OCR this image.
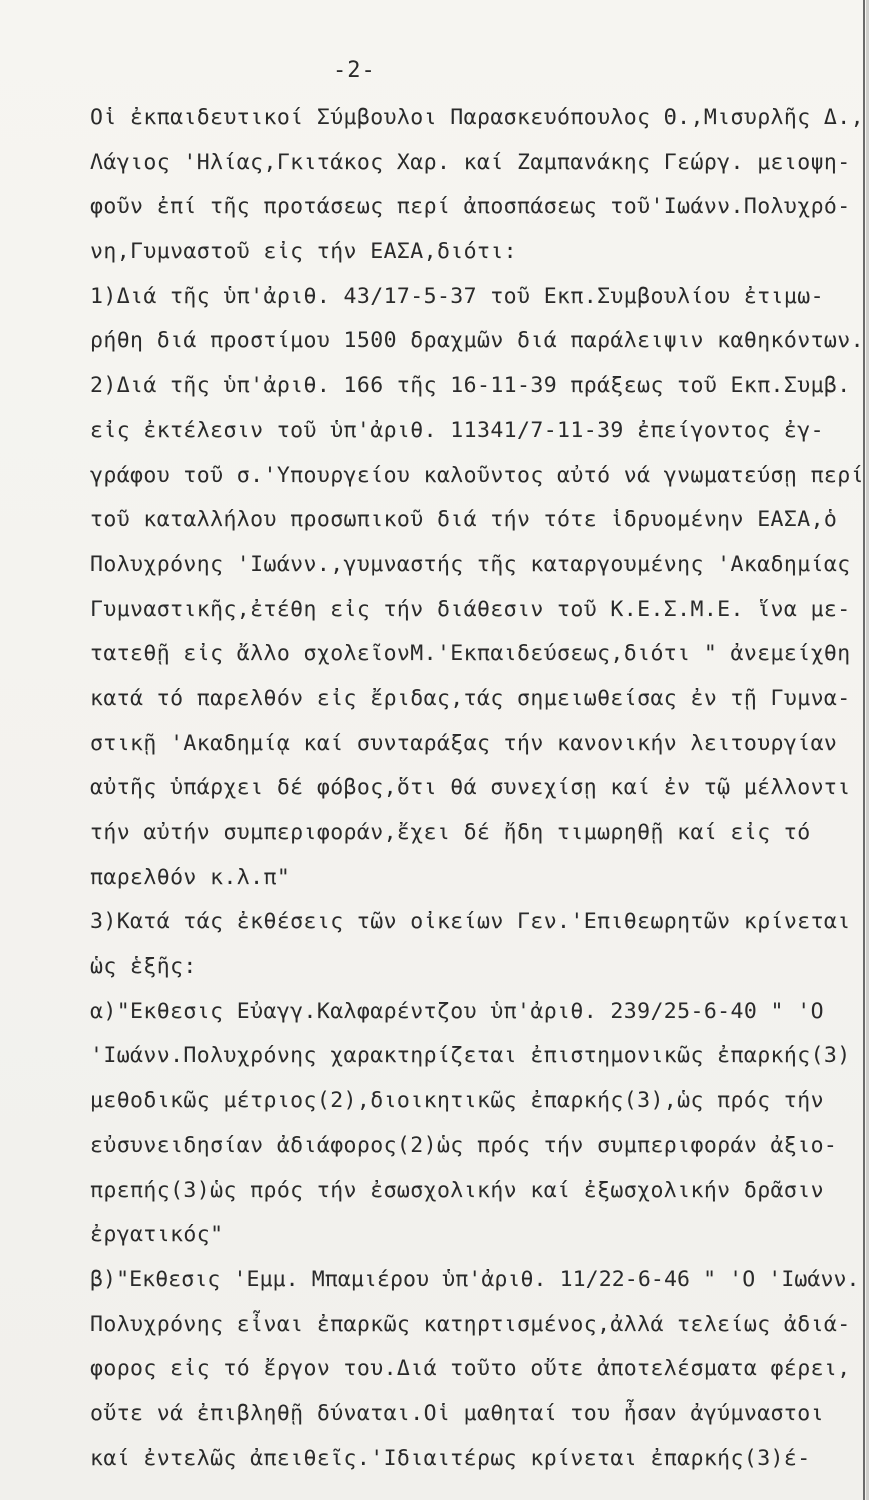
-2-
Οἱ ἐκπαιδευτικοί Σύμβουλοι Παρασκευόπουλος Θ.,Μισυρλῆς Δ.,
Λάγιος 'Ηλίας,Γκιτάκος Χαρ. καί Ζαμπανάκης Γεώργ. μειοψη-
φοῦν ἐπί τῆς προτάσεως περί ἀποσπάσεως τοῦ'Ιωάνν.Πολυχρό-
νη,Γυμναστοῦ εἰς τήν ΕΑΣΑ,διότι:
1)Διά τῆς ὑπ'ἀριθ. 43/17-5-37 τοῦ Εκπ.Συμβουλίου ἐτιμω-
ρήθη διά προστίμου 1500 δραχμῶν διά παράλειψιν καθηκόντων.
2)Διά τῆς ὑπ'ἀριθ. 166 τῆς 16-11-39 πράξεως τοῦ Εκπ.Συμβ.
εἰς ἐκτέλεσιν τοῦ ὑπ'ἀριθ. 11341/7-11-39 ἐπείγοντος ἐγ-
γράφου τοῦ σ.'Υπουργείου καλοῦντος αὐτό νά γνωματεύσῃ περί
τοῦ καταλλήλου προσωπικοῦ διά τήν τότε ἱδρυομένην ΕΑΣΑ,ὁ
Πολυχρόνης 'Ιωάνν.,γυμναστής τῆς καταργουμένης 'Ακαδημίας
Γυμναστικῆς,ἐτέθη εἰς τήν διάθεσιν τοῦ Κ.Ε.Σ.Μ.Ε. ἵνα με-
τατεθῇ εἰς ἄλλο σχολεῖονΜ.'Εκπαιδεύσεως,διότι " ἀνεμείχθη
κατά τό παρελθόν εἰς ἔριδας,τάς σημειωθείσας ἐν τῇ Γυμνα-
στικῇ 'Ακαδημίᾳ καί συνταράξας τήν κανονικήν λειτουργίαν
αὐτῆς ὑπάρχει δέ φόβος,ὅτι θά συνεχίσῃ καί ἐν τῷ μέλλοντι
τήν αὐτήν συμπεριφοράν,ἔχει δέ ἤδη τιμωρηθῇ καί εἰς τό
παρελθόν κ.λ.π"
3)Κατά τάς ἐκθέσεις τῶν οἰκείων Γεν.'Επιθεωρητῶν κρίνεται
ὡς ἑξῆς:
α)"Εκθεσις Εὐαγγ.Καλφαρέντζου ὑπ'ἀριθ. 239/25-6-40 " 'Ο
'Ιωάνν.Πολυχρόνης χαρακτηρίζεται ἐπιστημονικῶς ἐπαρκής(3)
μεθοδικῶς μέτριος(2),διοικητικῶς ἐπαρκής(3),ὡς πρός τήν
εὐσυνειδησίαν ἀδιάφορος(2)ὡς πρός τήν συμπεριφοράν ἀξιο-
πρεπής(3)ὡς πρός τήν ἐσωσχολικήν καί ἐξωσχολικήν δρᾶσιν
ἐργατικός"
β)"Εκθεσις 'Εμμ. Μπαμιέρου ὑπ'ἀριθ. 11/22-6-46 " 'Ο 'Ιωάνν.
Πολυχρόνης εἶναι ἐπαρκῶς κατηρτισμένος,ἀλλά τελείως ἀδιά-
φορος εἰς τό ἔργον του.Διά τοῦτο οὔτε ἀποτελέσματα φέρει,
οὔτε νά ἐπιβληθῇ δύναται.Οἱ μαθηταί του ἦσαν ἀγύμναστοι
καί ἐντελῶς ἀπειθεῖς.'Ιδιαιτέρως κρίνεται ἐπαρκής(3)έ-
